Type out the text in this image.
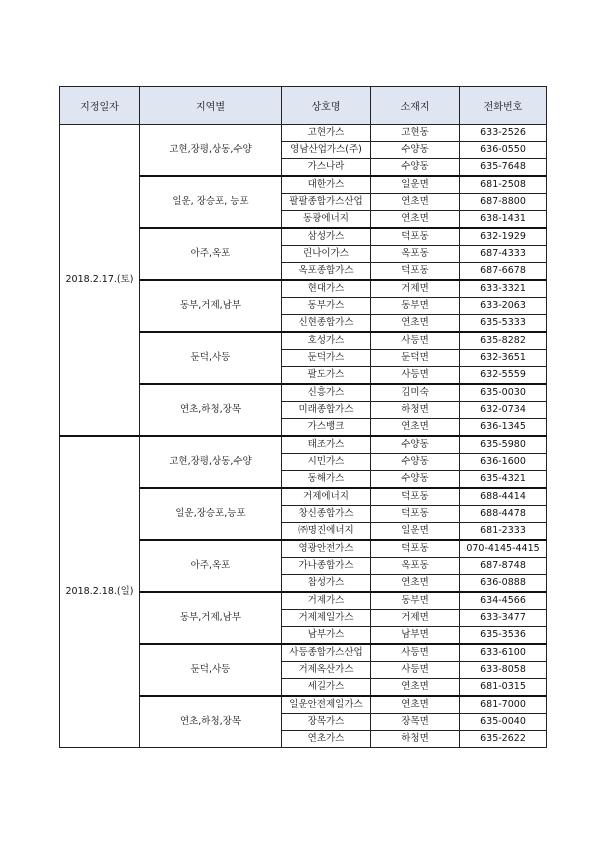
지정일자	지역별	상호명	소재지	전화번호
2018.2.17.(토)	고현,장평,상동,수양	고현가스	고현동	633-2526
		영남산업가스(주)	수양동	636-0550
		가스나라	수양동	635-7648
	일운, 장승포, 능포	대한가스	일운면	681-2508
		팔팔종합가스산업	연초면	687-8800
		동광에너지	연초면	638-1431
	아주,옥포	삼성가스	덕포동	632-1929
		린나이가스	옥포동	687-4333
		옥포종합가스	덕포동	687-6678
	동부,거제,남부	현대가스	거제면	633-3321
		동부가스	동부면	633-2063
		신현종합가스	연초면	635-5333
	둔덕,사등	호성가스	사등면	635-8282
		둔덕가스	둔덕면	632-3651
		팔도가스	사등면	632-5559
	연초,하청,장목	신흥가스	김미숙	635-0030
		미래종합가스	하청면	632-0734
		가스뱅크	연초면	636-1345
2018.2.18.(일)	고현,장평,상동,수양	태조가스	수양동	635-5980
		시민가스	수양동	636-1600
		동해가스	수양동	635-4321
	일운,장승포,능포	거제에너지	덕포동	688-4414
		창신종합가스	덕포동	688-4478
		㈜명진에너지	일운면	681-2333
	아주,옥포	영광안전가스	덕포동	070-4145-4415
		가나종합가스	옥포동	687-8748
		참성가스	연초면	636-0888
	동부,거제,남부	거제가스	동부면	634-4566
		거제제일가스	거제면	633-3477
		남부가스	남부면	635-3536
	둔덕,사등	사등종합가스산업	사등면	633-6100
		거제옥산가스	사등면	633-8058
		세길가스	연초면	681-0315
	연초,하청,장목	일운안전제일가스	연초면	681-7000
		장목가스	장목면	635-0040
		연초가스	하청면	635-2622
